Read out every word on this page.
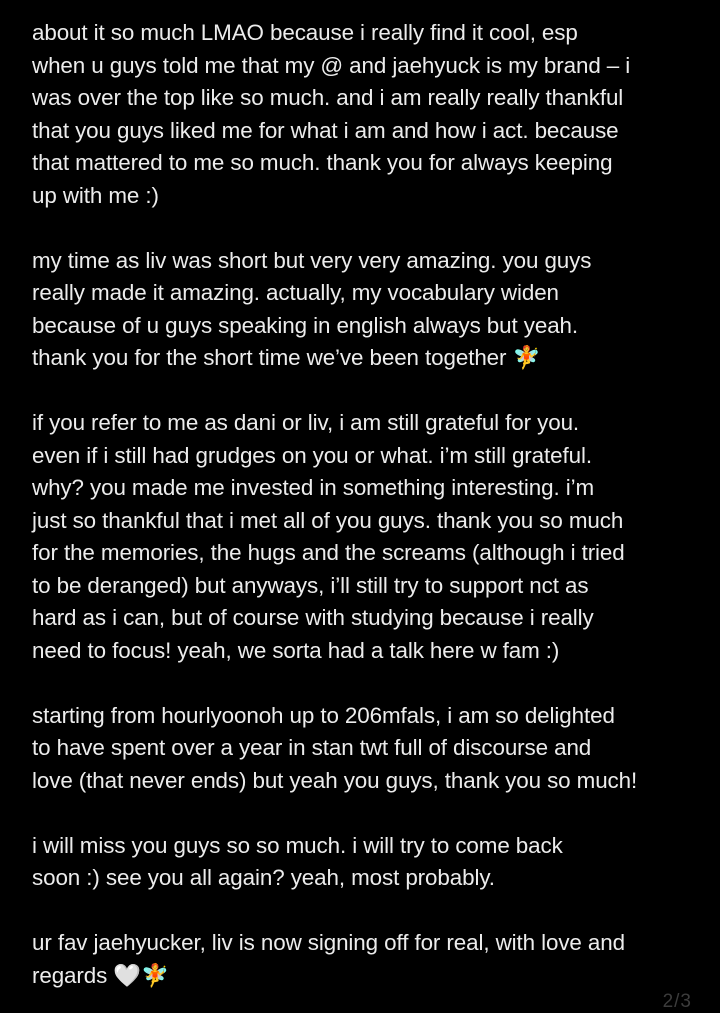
about it so much LMAO because i really find it cool, esp
when u guys told me that my @ and jaehyuck is my brand – i
was over the top like so much. and i am really really thankful
that you guys liked me for what i am and how i act. because
that mattered to me so much. thank you for always keeping
up with me :)

my time as liv was short but very very amazing. you guys
really made it amazing. actually, my vocabulary widen
because of u guys speaking in english always but yeah.
thank you for the short time we’ve been together 🧚

if you refer to me as dani or liv, i am still grateful for you.
even if i still had grudges on you or what. i’m still grateful.
why? you made me invested in something interesting. i’m
just so thankful that i met all of you guys. thank you so much
for the memories, the hugs and the screams (although i tried
to be deranged) but anyways, i’ll still try to support nct as
hard as i can, but of course with studying because i really
need to focus! yeah, we sorta had a talk here w fam :)

starting from hourlyoonoh up to 206mfals, i am so delighted
to have spent over a year in stan twt full of discourse and
love (that never ends) but yeah you guys, thank you so much!

i will miss you guys so so much. i will try to come back
soon :) see you all again? yeah, most probably.

ur fav jaehyucker, liv is now signing off for real, with love and
regards 🤍🧚

2/3
